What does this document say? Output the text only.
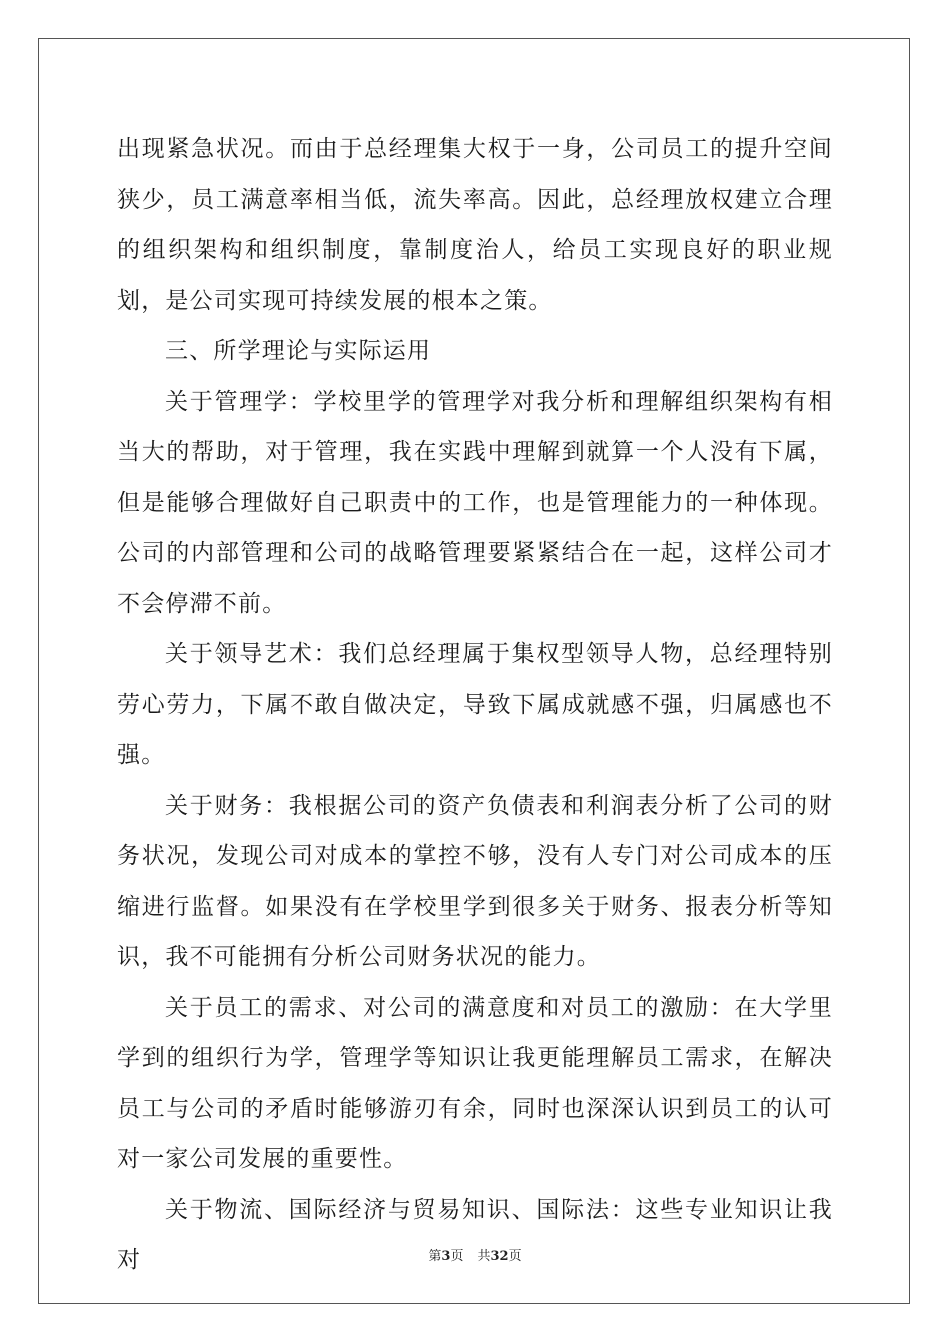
出现紧急状况。而由于总经理集大权于一身，公司员工的提升空间狭少，员工满意率相当低，流失率高。因此，总经理放权建立合理的组织架构和组织制度，靠制度治人，给员工实现良好的职业规划，是公司实现可持续发展的根本之策。

三、所学理论与实际运用

关于管理学：学校里学的管理学对我分析和理解组织架构有相当大的帮助，对于管理，我在实践中理解到就算一个人没有下属，但是能够合理做好自己职责中的工作，也是管理能力的一种体现。公司的内部管理和公司的战略管理要紧紧结合在一起，这样公司才不会停滞不前。

关于领导艺术：我们总经理属于集权型领导人物，总经理特别劳心劳力，下属不敢自做决定，导致下属成就感不强，归属感也不强。

关于财务：我根据公司的资产负债表和利润表分析了公司的财务状况，发现公司对成本的掌控不够，没有人专门对公司成本的压缩进行监督。如果没有在学校里学到很多关于财务、报表分析等知识，我不可能拥有分析公司财务状况的能力。

关于员工的需求、对公司的满意度和对员工的激励：在大学里学到的组织行为学，管理学等知识让我更能理解员工需求，在解决员工与公司的矛盾时能够游刃有余，同时也深深认识到员工的认可对一家公司发展的重要性。

关于物流、国际经济与贸易知识、国际法：这些专业知识让我对	第3页 共32页
